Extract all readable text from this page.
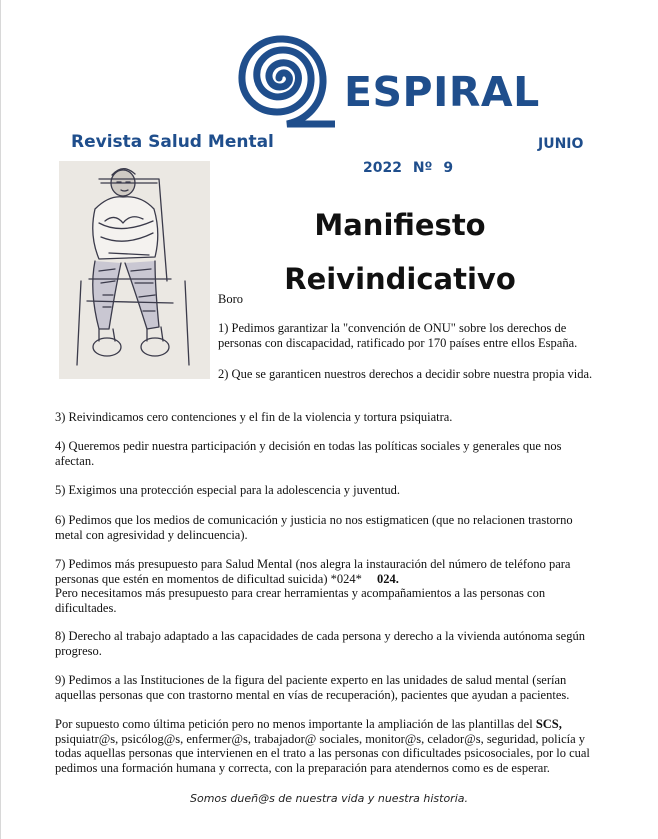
ESPIRAL
Revista Salud Mental	JUNIO
2022 Nº 9
Manifiesto
Reivindicativo
Boro
1) Pedimos garantizar la "convención de ONU" sobre los derechos de personas con discapacidad, ratificado por 170 países entre ellos España.
2) Que se garanticen nuestros derechos a decidir sobre nuestra propia vida.
3) Reivindicamos cero contenciones y el fin de la violencia y tortura psiquiatra.
4) Queremos pedir nuestra participación y decisión en todas las políticas sociales y generales que nos afectan.
5) Exigimos una protección especial para la adolescencia y juventud.
6) Pedimos que los medios de comunicación y justicia no nos estigmaticen (que no relacionen trastorno metal con agresividad y delincuencia).
7) Pedimos más presupuesto para Salud Mental (nos alegra la instauración del número de teléfono para personas que estén en momentos de dificultad suicida) *024* 024.
Pero necesitamos más presupuesto para crear herramientas y acompañamientos a las personas con dificultades.
8) Derecho al trabajo adaptado a las capacidades de cada persona y derecho a la vivienda autónoma según progreso.
9) Pedimos a las Instituciones de la figura del paciente experto en las unidades de salud mental (serían aquellas personas que con trastorno mental en vías de recuperación), pacientes que ayudan a pacientes.
Por supuesto como última petición pero no menos importante la ampliación de las plantillas del SCS, psiquiatr@s, psicólog@s, enfermer@s, trabajador@ sociales, monitor@s, celador@s, seguridad, policía y todas aquellas personas que intervienen en el trato a las personas con dificultades psicosociales, por lo cual pedimos una formación humana y correcta, con la preparación para atendernos como es de esperar.
Somos dueñ@s de nuestra vida y nuestra historia.
